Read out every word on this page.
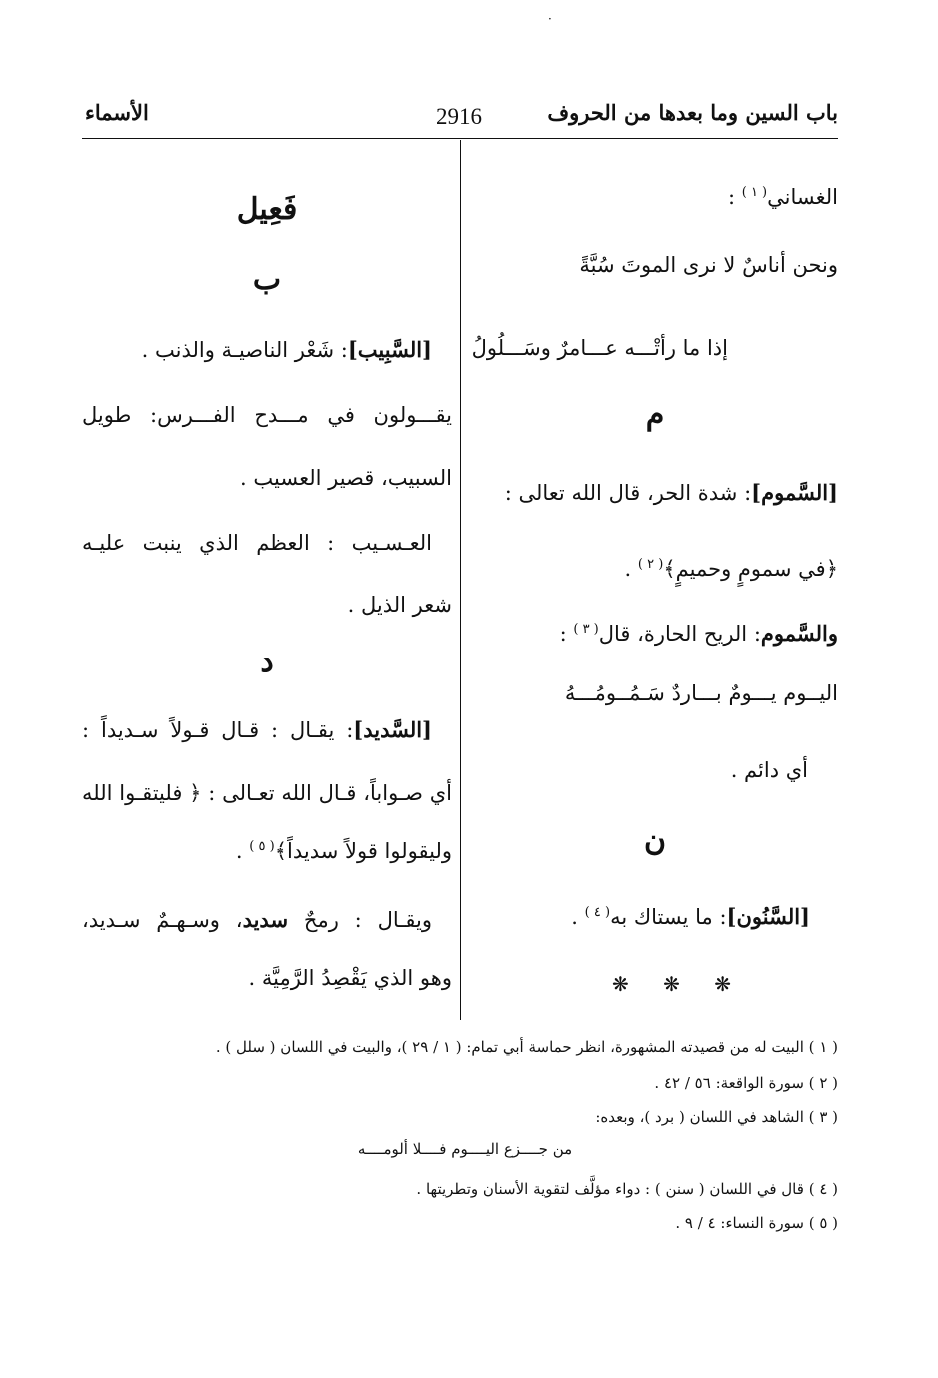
·
باب السين وما بعدها من الحروف
2916
الأسماء
الغساني$^{( ١ )}$ :
ونحن أناسٌ لا نرى الموتَ سُبَّةً
إذا ما رأتْـــه عـــامرٌ وسَـــلُولُ
م
[السَّموم]: شدة الحر، قال الله تعالى :
﴿في سمومٍ وحميمٍ﴾$^{( ٢ )}$ .
والسَّموم: الريح الحارة، قال$^{( ٣ )}$ :
اليــوم يـــومٌ بـــاردٌ سَـمُــومُـــهُ
أي دائم .
ن
[السَّنُون]: ما يستاك به$^{( ٤ )}$ .
❋ ❋ ❋
فَعِيل
ب
[السَّبِيب]: شَعْر الناصيـة والذنب .
يقـــولون في مـــدح الفـــرس: طويل
السبيب، قصير العسيب .
العـسـيب : العظم الذي ينبت عليـه
شعر الذيل .
د
[السَّديد]: يقـال : قـال قـولاً سـديداً :
أي صـواباً، قـال الله تعـالى : ﴿ فليتقـوا الله
وليقولوا قولاً سديداً﴾$^{( ٥ )}$ .
ويقـال : رمحٌ سديد، وسـهـمٌ سـديد،
وهو الذي يَقْصِدُ الرَّمِيَّة .
( ١ ) البيت له من قصيدته المشهورة، انظر حماسة أبي تمام: ( ١ / ٢٩ )، والبيت في اللسان ( سلل ) .
( ٢ ) سورة الواقعة: ٥٦ / ٤٢ .
( ٣ ) الشاهد في اللسان ( برد )، وبعده:
من جــــزع اليــــوم فــــلا ألومــــه
( ٤ ) قال في اللسان ( سنن ) : دواء مؤلَّف لتقوية الأسنان وتطريتها .
( ٥ ) سورة النساء: ٤ / ٩ .
